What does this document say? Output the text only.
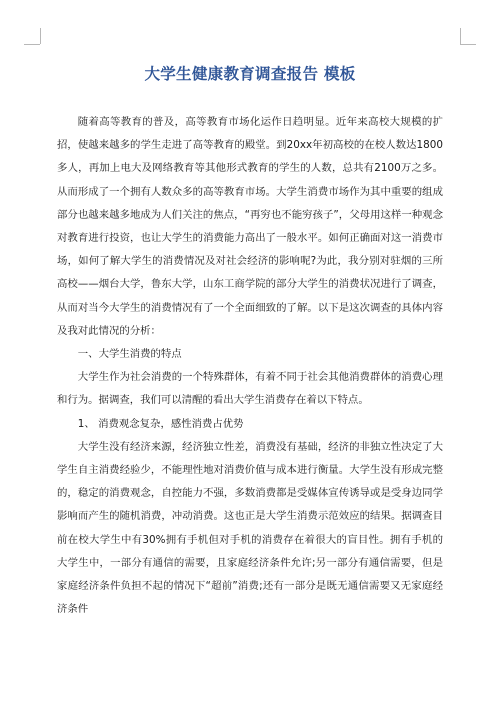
大学生健康教育调查报告 模板

随着高等教育的普及，高等教育市场化运作日趋明显。近年来高校大规模的扩招，使越来越多的学生走进了高等教育的殿堂。到20xx年初高校的在校人数达1800多人，再加上电大及网络教育等其他形式教育的学生的人数，总共有2100万之多。从而形成了一个拥有人数众多的高等教育市场。大学生消费市场作为其中重要的组成部分也越来越多地成为人们关注的焦点，“再穷也不能穷孩子”，父母用这样一种观念对教育进行投资，也让大学生的消费能力高出了一般水平。如何正确面对这一消费市场，如何了解大学生的消费情况及对社会经济的影响呢?为此，我分别对驻烟的三所高校——烟台大学，鲁东大学，山东工商学院的部分大学生的消费状况进行了调查，从而对当今大学生的消费情况有了一个全面细致的了解。以下是这次调查的具体内容及我对此情况的分析：

一、大学生消费的特点

大学生作为社会消费的一个特殊群体，有着不同于社会其他消费群体的消费心理和行为。据调查，我们可以清醒的看出大学生消费存在着以下特点。

1、 消费观念复杂，感性消费占优势

大学生没有经济来源，经济独立性差，消费没有基础，经济的非独立性决定了大学生自主消费经验少，不能理性地对消费价值与成本进行衡量。大学生没有形成完整的，稳定的消费观念，自控能力不强，多数消费都是受媒体宣传诱导或是受身边同学影响而产生的随机消费，冲动消费。这也正是大学生消费示范效应的结果。据调查目前在校大学生中有30%拥有手机但对手机的消费存在着很大的盲目性。拥有手机的大学生中，一部分有通信的需要，且家庭经济条件允许;另一部分有通信需要，但是家庭经济条件负担不起的情况下“超前”消费;还有一部分是既无通信需要又无家庭经济条件
